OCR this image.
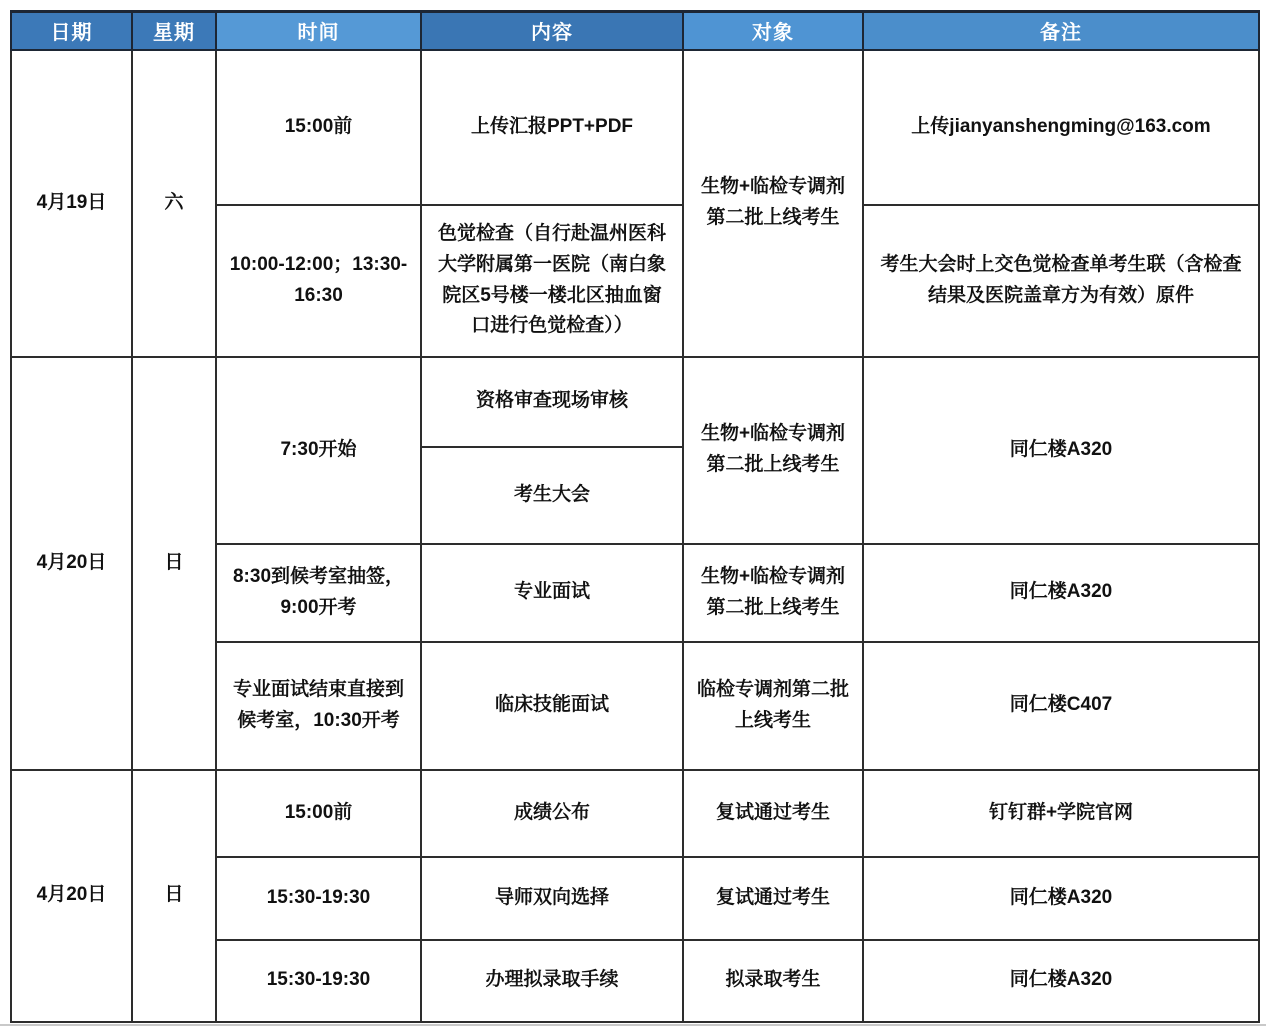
日期	星期	时间	内容	对象	备注
4月19日	六	15:00前	上传汇报PPT+PDF	生物+临检专调剂第二批上线考生	上传jianyanshengming@163.com
		10:00-12:00；13:30-16:30	色觉检查（自行赴温州医科大学附属第一医院（南白象院区5号楼一楼北区抽血窗口进行色觉检查））		考生大会时上交色觉检查单考生联（含检查结果及医院盖章方为有效）原件
4月20日	日	7:30开始	资格审查现场审核	生物+临检专调剂第二批上线考生	同仁楼A320
			考生大会		
		8:30到候考室抽签，9:00开考	专业面试	生物+临检专调剂第二批上线考生	同仁楼A320
		专业面试结束直接到候考室，10:30开考	临床技能面试	临检专调剂第二批上线考生	同仁楼C407
4月20日	日	15:00前	成绩公布	复试通过考生	钉钉群+学院官网
		15:30-19:30	导师双向选择	复试通过考生	同仁楼A320
		15:30-19:30	办理拟录取手续	拟录取考生	同仁楼A320
